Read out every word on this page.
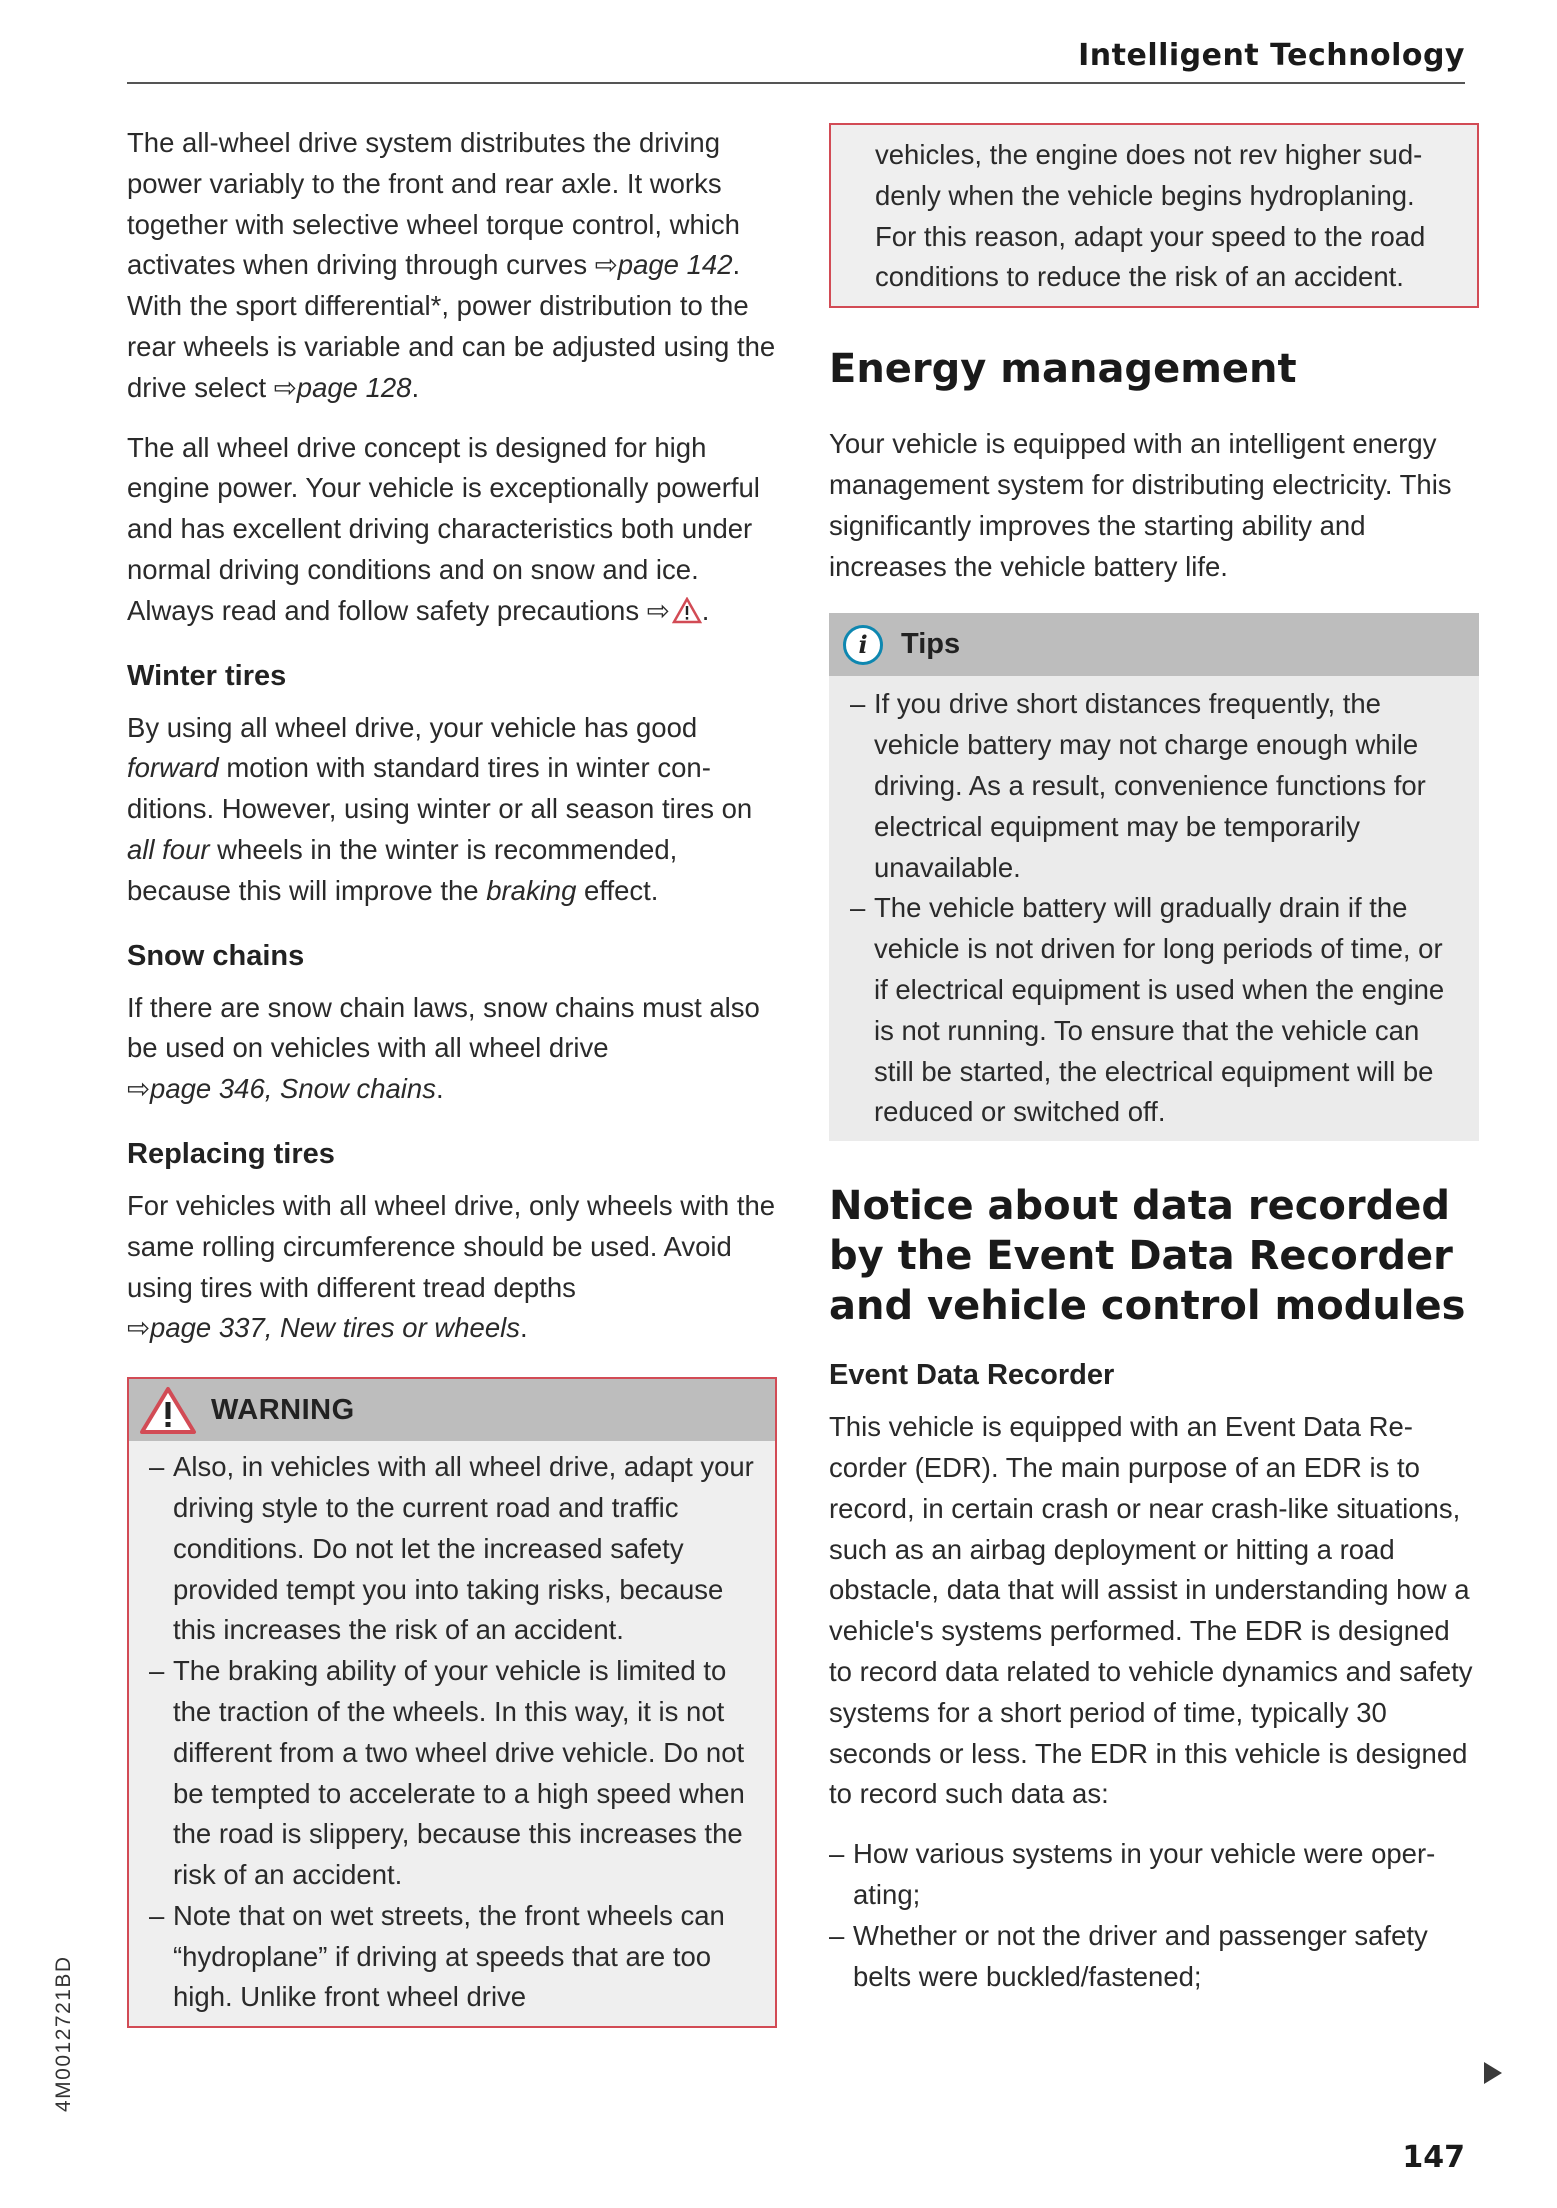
Intelligent Technology

The all-wheel drive system distributes the driving power variably to the front and rear axle. It works together with selective wheel torque control, which activates when driving through curves ⇨page 142. With the sport differential*, power distribution to the rear wheels is variable and can be adjusted using the drive select ⇨page 128.

The all wheel drive concept is designed for high engine power. Your vehicle is exceptionally powerful and has excellent driving characteristics both under normal driving conditions and on snow and ice. Always read and follow safety precautions ⇨ .

Winter tires

By using all wheel drive, your vehicle has good forward motion with standard tires in winter conditions. However, using winter or all season tires on all four wheels in the winter is recommended, because this will improve the braking effect.

Snow chains

If there are snow chain laws, snow chains must also be used on vehicles with all wheel drive ⇨page 346, Snow chains.

Replacing tires

For vehicles with all wheel drive, only wheels with the same rolling circumference should be used. Avoid using tires with different tread depths ⇨page 337, New tires or wheels.

WARNING
– Also, in vehicles with all wheel drive, adapt your driving style to the current road and traffic conditions. Do not let the increased safety provided tempt you into taking risks, because this increases the risk of an accident.
– The braking ability of your vehicle is limited to the traction of the wheels. In this way, it is not different from a two wheel drive vehicle. Do not be tempted to accelerate to a high speed when the road is slippery, because this increases the risk of an accident.
– Note that on wet streets, the front wheels can “hydroplane” if driving at speeds that are too high. Unlike front wheel drive

vehicles, the engine does not rev higher suddenly when the vehicle begins hydroplaning. For this reason, adapt your speed to the road conditions to reduce the risk of an accident.

Energy management

Your vehicle is equipped with an intelligent energy management system for distributing electricity. This significantly improves the starting ability and increases the vehicle battery life.

i	Tips
– If you drive short distances frequently, the vehicle battery may not charge enough while driving. As a result, convenience functions for electrical equipment may be temporarily unavailable.
– The vehicle battery will gradually drain if the vehicle is not driven for long periods of time, or if electrical equipment is used when the engine is not running. To ensure that the vehicle can still be started, the electrical equipment will be reduced or switched off.
Notice about data recorded by the Event Data Recorder and vehicle control modules
Event Data Recorder

This vehicle is equipped with an Event Data Recorder (EDR). The main purpose of an EDR is to record, in certain crash or near crash-like situations, such as an airbag deployment or hitting a road obstacle, data that will assist in understanding how a vehicle's systems performed. The EDR is designed to record data related to vehicle dynamics and safety systems for a short period of time, typically 30 seconds or less. The EDR in this vehicle is designed to record such data as:

– How various systems in your vehicle were operating;
– Whether or not the driver and passenger safety belts were buckled/fastened;
4M0012721BD
147
